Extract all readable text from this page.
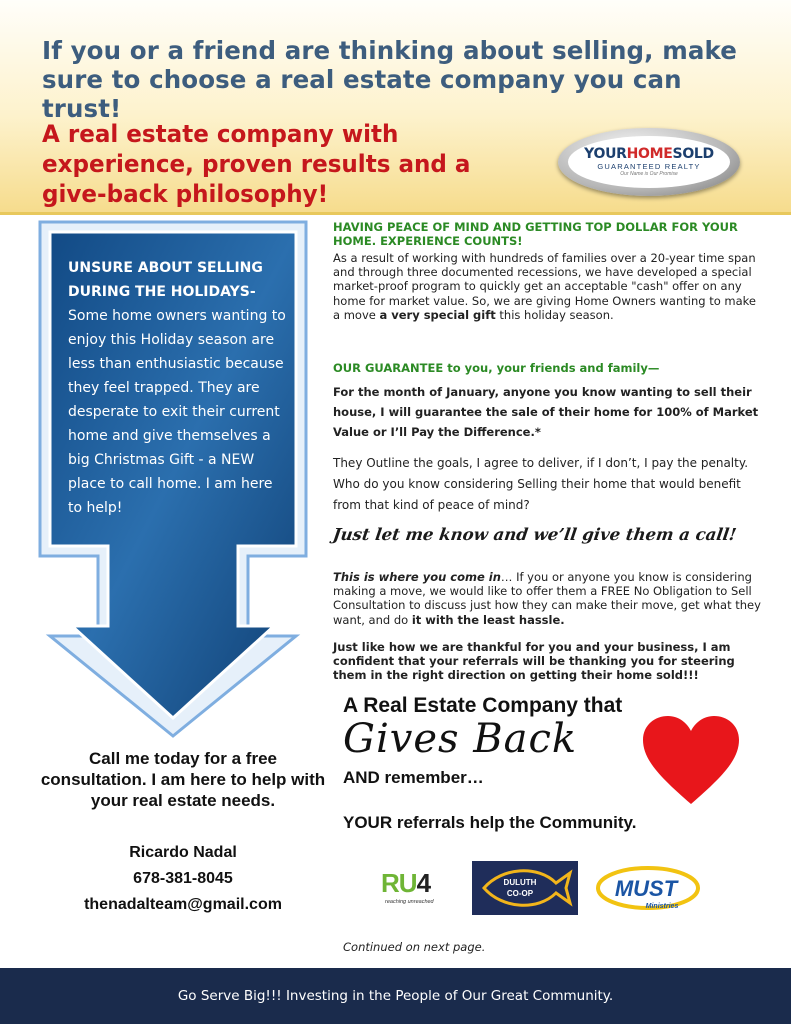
If you or a friend are thinking about selling, make sure to choose a real estate company you can trust!
A real estate company with experience, proven results and a give-back philosophy!
YOURHOMESOLD
GUARANTEED REALTY
Our Name is Our Promise
UNSURE ABOUT SELLING DURING THE HOLIDAYS-
Some home owners wanting to enjoy this Holiday season are less than enthusiastic because they feel trapped. They are desperate to exit their current home and give themselves a big Christmas Gift - a NEW place to call home. I am here to help!
Call me today for a free consultation. I am here to help with your real estate needs.
Ricardo Nadal
678-381-8045
thenadalteam@gmail.com
HAVING PEACE OF MIND AND GETTING TOP DOLLAR FOR YOUR HOME. EXPERIENCE COUNTS!
As a result of working with hundreds of families over a 20-year time span and through three documented recessions, we have developed a special market-proof program to quickly get an acceptable "cash" offer on any home for market value. So, we are giving Home Owners wanting to make a move a very special gift this holiday season.
OUR GUARANTEE to you, your friends and family—
For the month of January, anyone you know wanting to sell their house, I will guarantee the sale of their home for 100% of Market Value or I’ll Pay the Difference.*
They Outline the goals, I agree to deliver, if I don’t, I pay the penalty. Who do you know considering Selling their home that would benefit from that kind of peace of mind?
Just let me know and we’ll give them a call!
This is where you come in… If you or anyone you know is considering making a move, we would like to offer them a FREE No Obligation to Sell Consultation to discuss just how they can make their move, get what they want, and do it with the least hassle.
Just like how we are thankful for you and your business, I am confident that your referrals will be thanking you for steering them in the right direction on getting their home sold!!!
A Real Estate Company that
Gives Back
AND remember…
YOUR referrals help the Community.
RU4
reaching unreached
DULUTH
CO-OP	MUST
Ministries
Continued on next page.
Go Serve Big!!! Investing in the People of Our Great Community.
